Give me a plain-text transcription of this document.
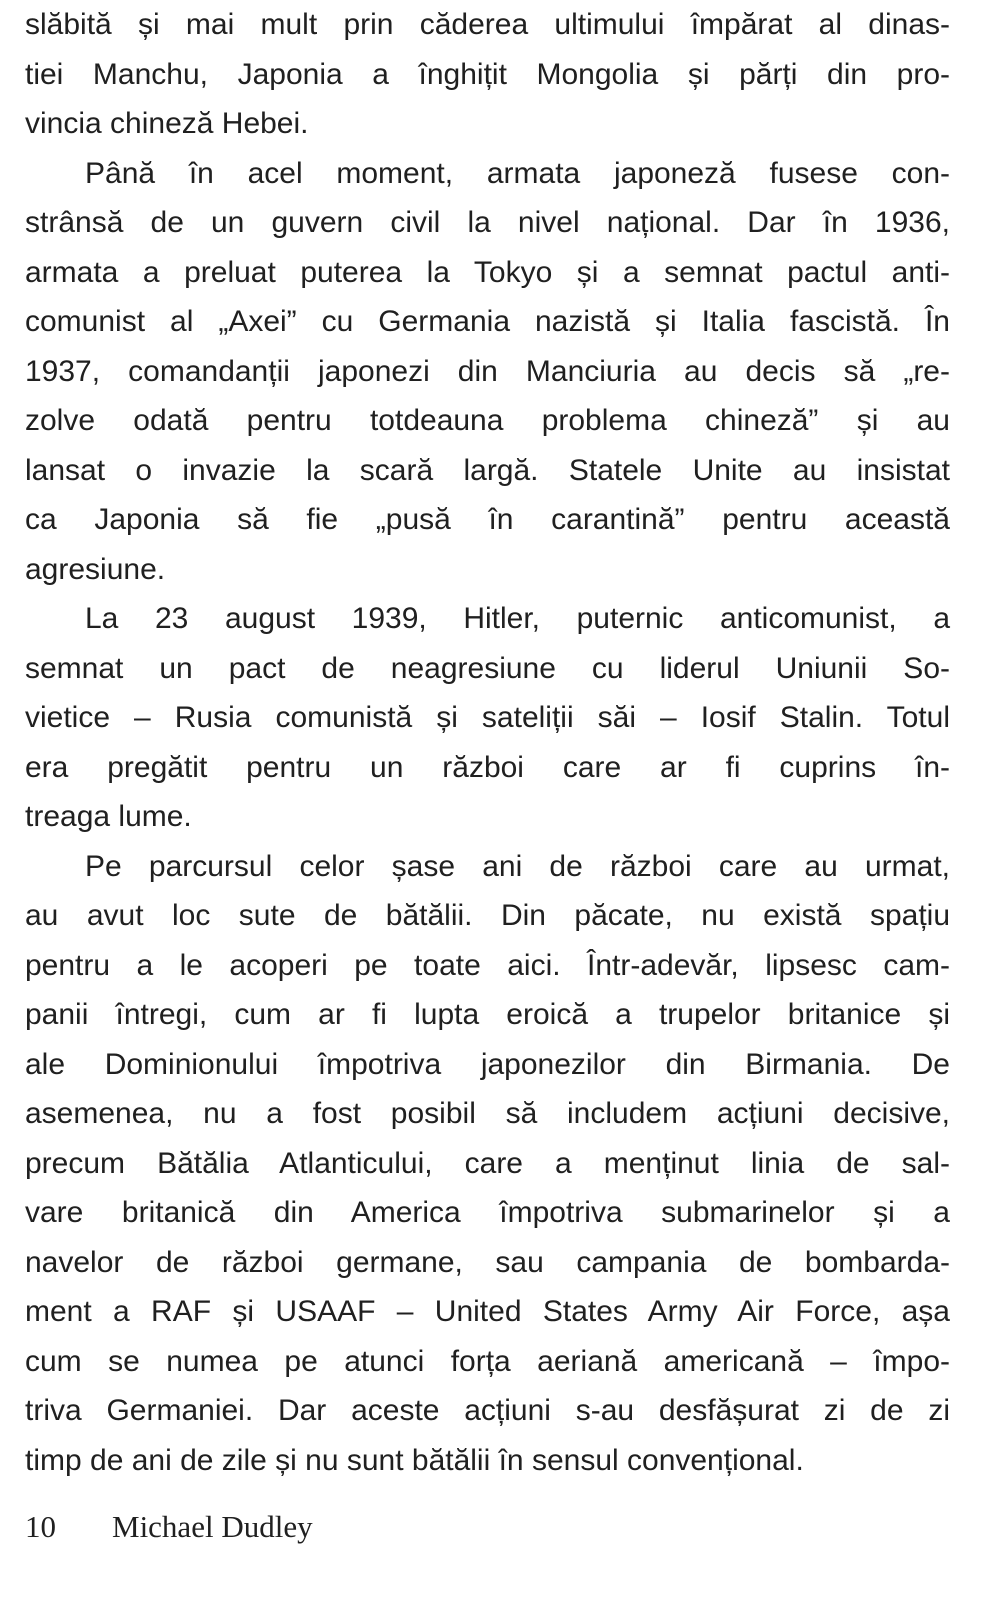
slăbită și mai mult prin căderea ultimului împărat al dinas-
tiei Manchu, Japonia a înghițit Mongolia și părți din pro-
vincia chineză Hebei.

Până în acel moment, armata japoneză fusese con-
strânsă de un guvern civil la nivel național. Dar în 1936,
armata a preluat puterea la Tokyo și a semnat pactul anti-
comunist al „Axei” cu Germania nazistă și Italia fascistă. În
1937, comandanții japonezi din Manciuria au decis să „re-
zolve odată pentru totdeauna problema chineză” și au
lansat o invazie la scară largă. Statele Unite au insistat
ca Japonia să fie „pusă în carantină” pentru această
agresiune.

La 23 august 1939, Hitler, puternic anticomunist, a
semnat un pact de neagresiune cu liderul Uniunii So-
vietice – Rusia comunistă și sateliții săi – Iosif Stalin. Totul
era pregătit pentru un război care ar fi cuprins în-
treaga lume.

Pe parcursul celor șase ani de război care au urmat,
au avut loc sute de bătălii. Din păcate, nu există spațiu
pentru a le acoperi pe toate aici. Într-adevăr, lipsesc cam-
panii întregi, cum ar fi lupta eroică a trupelor britanice și
ale Dominionului împotriva japonezilor din Birmania. De
asemenea, nu a fost posibil să includem acțiuni decisive,
precum Bătălia Atlanticului, care a menținut linia de sal-
vare britanică din America împotriva submarinelor și a
navelor de război germane, sau campania de bombarda-
ment a RAF și USAAF – United States Army Air Force, așa
cum se numea pe atunci forța aeriană americană – împo-
triva Germaniei. Dar aceste acțiuni s-au desfășurat zi de zi
timp de ani de zile și nu sunt bătălii în sensul convențional.

10 Michael Dudley
